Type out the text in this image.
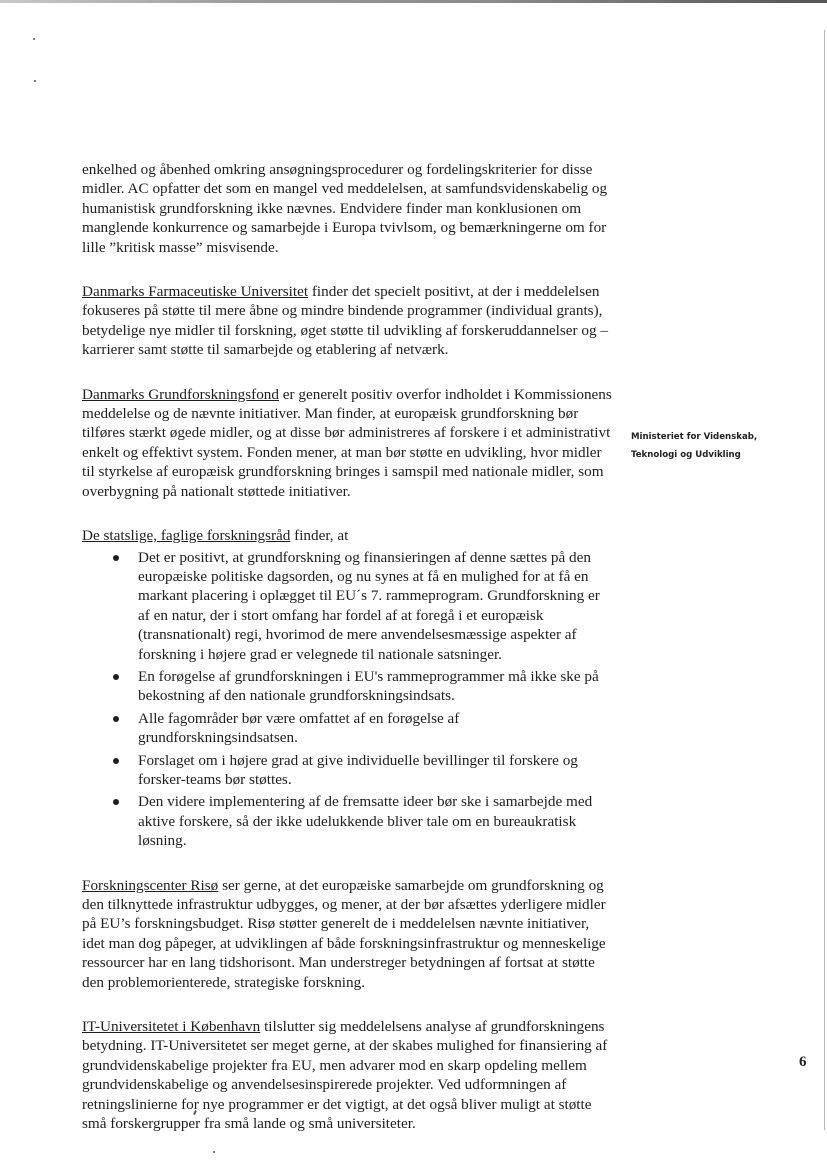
enkelhed og åbenhed omkring ansøgningsprocedurer og fordelingskriterier for disse midler. AC opfatter det som en mangel ved meddelelsen, at samfundsvidenskabelig og humanistisk grundforskning ikke nævnes. Endvidere finder man konklusionen om manglende konkurrence og samarbejde i Europa tvivlsom, og bemærkningerne om for lille ”kritisk masse” misvisende.

Danmarks Farmaceutiske Universitet finder det specielt positivt, at der i meddelelsen fokuseres på støtte til mere åbne og mindre bindende programmer (individual grants), betydelige nye midler til forskning, øget støtte til udvikling af forskeruddannelser og –karrierer samt støtte til samarbejde og etablering af netværk.

Danmarks Grundforskningsfond er generelt positiv overfor indholdet i Kommissionens meddelelse og de nævnte initiativer. Man finder, at europæisk grundforskning bør tilføres stærkt øgede midler, og at disse bør administreres af forskere i et administrativt enkelt og effektivt system. Fonden mener, at man bør støtte en udvikling, hvor midler til styrkelse af europæisk grundforskning bringes i samspil med nationale midler, som overbygning på nationalt støttede initiativer.

De statslige, faglige forskningsråd finder, at
Det er positivt, at grundforskning og finansieringen af denne sættes på den europæiske politiske dagsorden, og nu synes at få en mulighed for at få en markant placering i oplægget til EU´s 7. rammeprogram. Grundforskning er af en natur, der i stort omfang har fordel af at foregå i et europæisk (transnationalt) regi, hvorimod de mere anvendelsesmæssige aspekter af forskning i højere grad er velegnede til nationale satsninger.
En forøgelse af grundforskningen i EU's rammeprogrammer må ikke ske på bekostning af den nationale grundforskningsindsats.
Alle fagområder bør være omfattet af en forøgelse af grundforskningsindsatsen.
Forslaget om i højere grad at give individuelle bevillinger til forskere og forsker-teams bør støttes.
Den videre implementering af de fremsatte ideer bør ske i samarbejde med aktive forskere, så der ikke udelukkende bliver tale om en bureaukratisk løsning.

Forskningscenter Risø ser gerne, at det europæiske samarbejde om grundforskning og den tilknyttede infrastruktur udbygges, og mener, at der bør afsættes yderligere midler på EU’s forskningsbudget. Risø støtter generelt de i meddelelsen nævnte initiativer, idet man dog påpeger, at udviklingen af både forskningsinfrastruktur og menneskelige ressourcer har en lang tidshorisont. Man understreger betydningen af fortsat at støtte den problemorienterede, strategiske forskning.

IT-Universitetet i København tilslutter sig meddelelsens analyse af grundforskningens betydning. IT-Universitetet ser meget gerne, at der skabes mulighed for finansiering af grundvidenskabelige projekter fra EU, men advarer mod en skarp opdeling mellem grundvidenskabelige og anvendelsesinspirerede projekter. Ved udformningen af retningslinierne for nye programmer er det vigtigt, at det også bliver muligt at støtte små forskergrupper fra små lande og små universiteter.

Ministeriet for Videnskab,
Teknologi og Udvikling
6
